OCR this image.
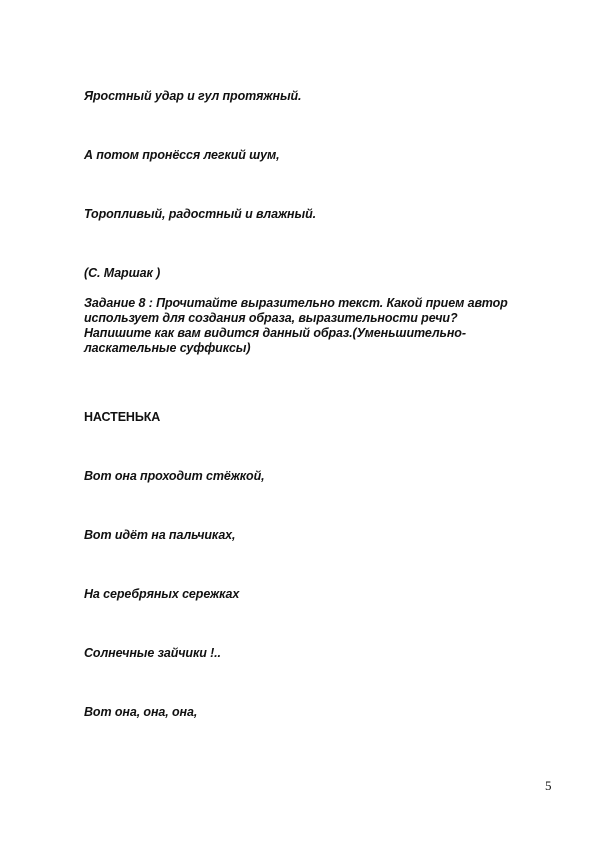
Яростный удар и гул протяжный.
А потом пронёсся легкий шум,
Торопливый, радостный и влажный.
(С. Маршак )
Задание 8 : Прочитайте выразительно текст. Какой прием автор
использует для создания образа, выразительности речи?
Напишите как вам видится данный образ.(Уменьшительно-
ласкательные суффиксы)
НАСТЕНЬКА
Вот она проходит стёжкой,
Вот идёт на пальчиках,
На серебряных сережках
Солнечные зайчики !..
Вот она, она, она,
5
